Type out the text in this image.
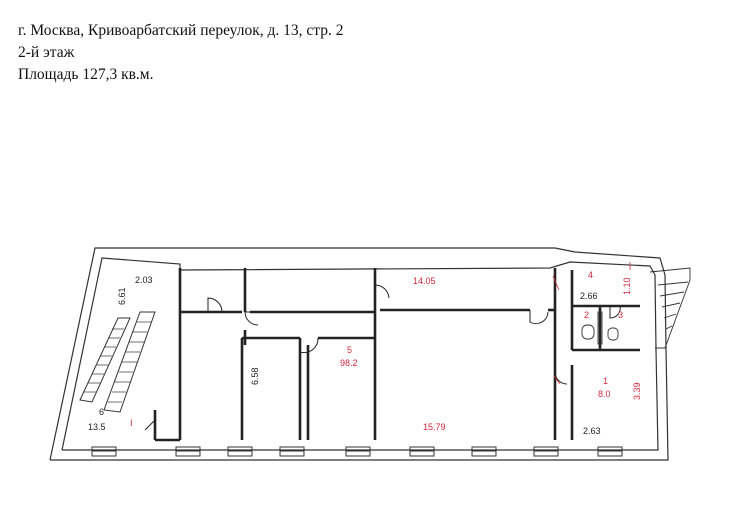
г. Москва, Кривоарбатский переулок, д. 13, стр. 2
2-й этаж
Площадь 127,3 кв.м.
2.03
6.61
14.05
4
2.66
1.10
2	3
5
98.2
6.58	1
8.0 3.39
2.63
6
13.5	I	15.79
